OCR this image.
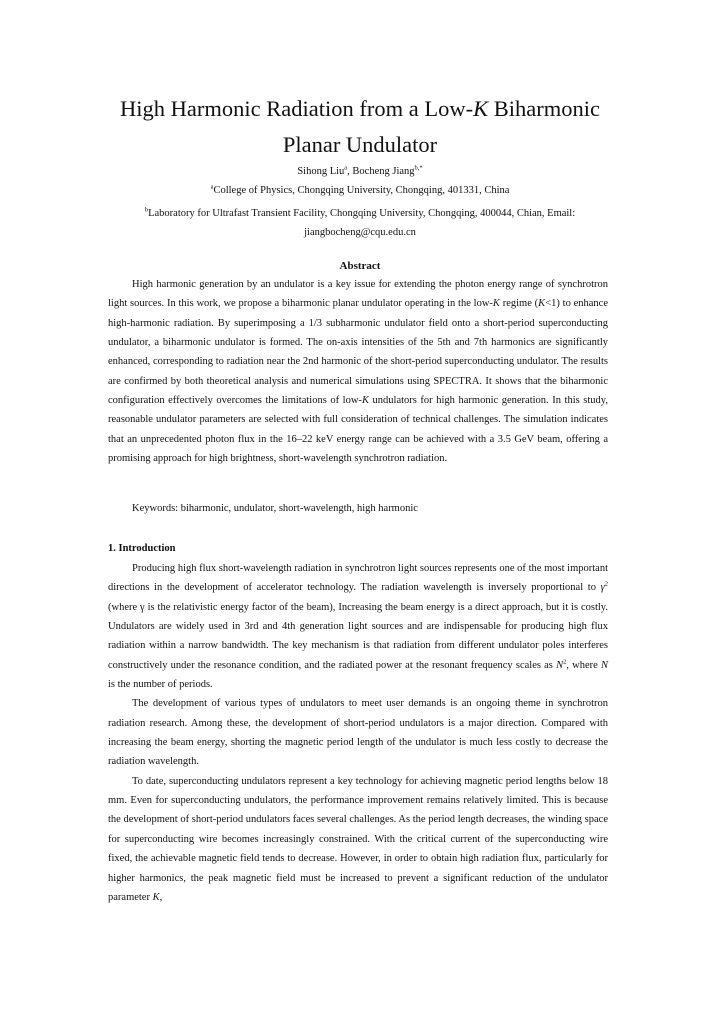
High Harmonic Radiation from a Low-K Biharmonic
Planar Undulator
Sihong Liu$^a$, Bocheng Jiang$^{b,*}$
$^a$College of Physics, Chongqing University, Chongqing, 401331, China
$^b$Laboratory for Ultrafast Transient Facility, Chongqing University, Chongqing, 400044, Chian, Email:
jiangbocheng@cqu.edu.cn
Abstract

High harmonic generation by an undulator is a key issue for extending the photon energy range of synchrotron light sources. In this work, we propose a biharmonic planar undulator operating in the low-K regime (K<1) to enhance high-harmonic radiation. By superimposing a 1/3 subharmonic undulator field onto a short-period superconducting undulator, a biharmonic undulator is formed. The on-axis intensities of the 5th and 7th harmonics are significantly enhanced, corresponding to radiation near the 2nd harmonic of the short-period superconducting undulator. The results are confirmed by both theoretical analysis and numerical simulations using SPECTRA. It shows that the biharmonic configuration effectively overcomes the limitations of low-K undulators for high harmonic generation. In this study, reasonable undulator parameters are selected with full consideration of technical challenges. The simulation indicates that an unprecedented photon flux in the 16–22 keV energy range can be achieved with a 3.5 GeV beam, offering a promising approach for high brightness, short-wavelength synchrotron radiation.

Keywords: biharmonic, undulator, short-wavelength, high harmonic
1. Introduction

Producing high flux short-wavelength radiation in synchrotron light sources represents one of the most important directions in the development of accelerator technology. The radiation wavelength is inversely proportional to $\gamma^2$ (where γ is the relativistic energy factor of the beam), Increasing the beam energy is a direct approach, but it is costly. Undulators are widely used in 3rd and 4th generation light sources and are indispensable for producing high flux radiation within a narrow bandwidth. The key mechanism is that radiation from different undulator poles interferes constructively under the resonance condition, and the radiated power at the resonant frequency scales as $N^2$, where N is the number of periods.

The development of various types of undulators to meet user demands is an ongoing theme in synchrotron radiation research. Among these, the development of short-period undulators is a major direction. Compared with increasing the beam energy, shorting the magnetic period length of the undulator is much less costly to decrease the radiation wavelength.

To date, superconducting undulators represent a key technology for achieving magnetic period lengths below 18 mm. Even for superconducting undulators, the performance improvement remains relatively limited. This is because the development of short-period undulators faces several challenges. As the period length decreases, the winding space for superconducting wire becomes increasingly constrained. With the critical current of the superconducting wire fixed, the achievable magnetic field tends to decrease. However, in order to obtain high radiation flux, particularly for higher harmonics, the peak magnetic field must be increased to prevent a significant reduction of the undulator parameter K,
